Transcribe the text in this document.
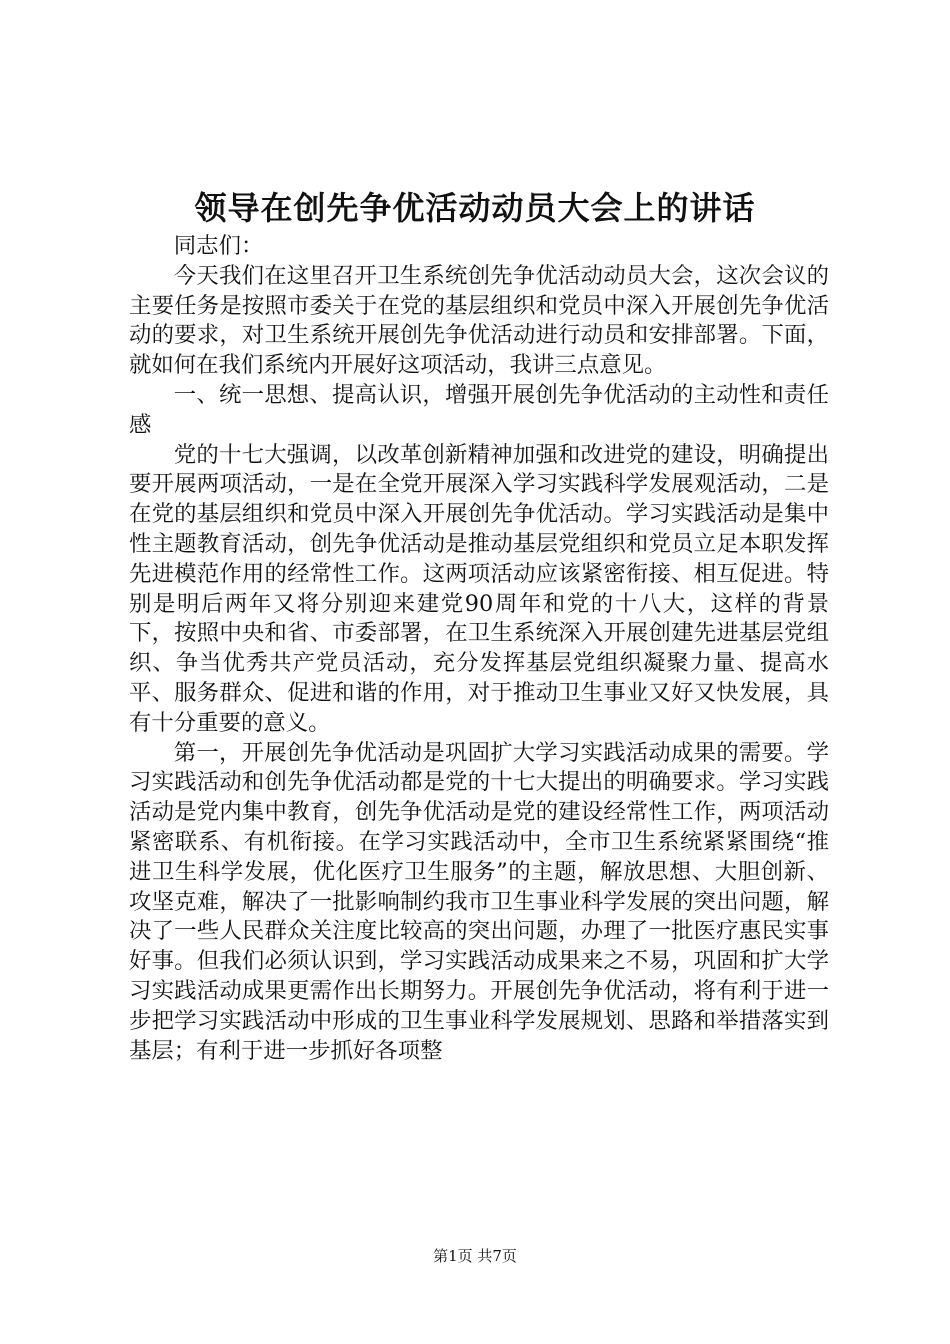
领导在创先争优活动动员大会上的讲话

同志们：

今天我们在这里召开卫生系统创先争优活动动员大会，这次会议的主要任务是按照市委关于在党的基层组织和党员中深入开展创先争优活动的要求，对卫生系统开展创先争优活动进行动员和安排部署。下面，就如何在我们系统内开展好这项活动，我讲三点意见。

一、统一思想、提高认识，增强开展创先争优活动的主动性和责任感

党的十七大强调，以改革创新精神加强和改进党的建设，明确提出要开展两项活动，一是在全党开展深入学习实践科学发展观活动，二是在党的基层组织和党员中深入开展创先争优活动。学习实践活动是集中性主题教育活动，创先争优活动是推动基层党组织和党员立足本职发挥先进模范作用的经常性工作。这两项活动应该紧密衔接、相互促进。特别是明后两年又将分别迎来建党90周年和党的十八大，这样的背景下，按照中央和省、市委部署，在卫生系统深入开展创建先进基层党组织、争当优秀共产党员活动，充分发挥基层党组织凝聚力量、提高水平、服务群众、促进和谐的作用，对于推动卫生事业又好又快发展，具有十分重要的意义。

第一，开展创先争优活动是巩固扩大学习实践活动成果的需要。学习实践活动和创先争优活动都是党的十七大提出的明确要求。学习实践活动是党内集中教育，创先争优活动是党的建设经常性工作，两项活动紧密联系、有机衔接。在学习实践活动中，全市卫生系统紧紧围绕“推进卫生科学发展，优化医疗卫生服务”的主题，解放思想、大胆创新、攻坚克难，解决了一批影响制约我市卫生事业科学发展的突出问题，解决了一些人民群众关注度比较高的突出问题，办理了一批医疗惠民实事好事。但我们必须认识到，学习实践活动成果来之不易，巩固和扩大学习实践活动成果更需作出长期努力。开展创先争优活动，将有利于进一步把学习实践活动中形成的卫生事业科学发展规划、思路和举措落实到基层；有利于进一步抓好各项整

第1页 共7页
